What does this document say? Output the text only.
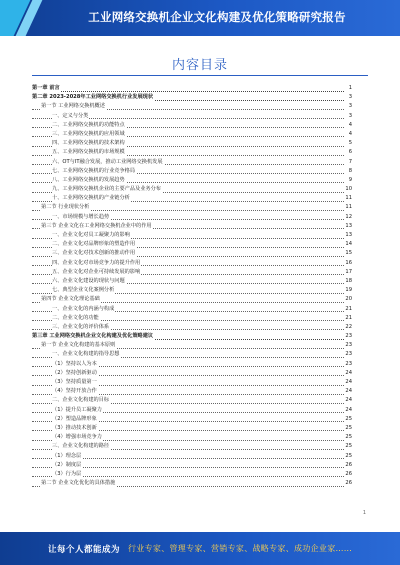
工业网络交换机企业文化构建及优化策略研究报告
内容目录
第一章 前言	1
第二章 2023-2028年工业网络交换机行业发展现状	3
第一节 工业网络交换机概述	3
一、定义与分类	3
二、工业网络交换机的功能特点	4
三、工业网络交换机的应用领域	4
四、工业网络交换机的技术架构	5
五、工业网络交换机的市场规模	6
六、OT与IT融合发展，推动工业网络交换机发展	7
七、工业网络交换机的行业竞争格局	8
八、工业网络交换机的发展趋势	9
九、工业网络交换机企业的主要产品及业务分布	10
十、工业网络交换机的产业链分析	11
第二节 行业现状分析	11
一、市场规模与增长趋势	12
第三节 企业文化在工业网络交换机企业中的作用	13
一、企业文化对员工凝聚力的影响	13
二、企业文化对品牌形象的塑造作用	14
三、企业文化对技术创新的推动作用	15
四、企业文化对市场竞争力的提升作用	16
五、企业文化对企业可持续发展的影响	17
六、企业文化建设的现状与问题	18
七、典型企业文化案例分析	19
第四节 企业文化理论基础	20
一、企业文化的内涵与构成	21
二、企业文化的功能	21
三、企业文化的评价体系	22
第三章 工业网络交换机企业文化构建及优化策略建议	23
第一节 企业文化构建的基本原则	23
一、企业文化构建的指导思想	23
（1）坚持以人为本	23
（2）坚持创新驱动	24
（3）坚持质量第一	24
（4）坚持开放合作	24
二、企业文化构建的目标	24
（1）提升员工凝聚力	24
（2）塑造品牌形象	25
（3）推动技术创新	25
（4）增强市场竞争力	25
三、企业文化构建的路径	25
（1）理念层	25
（2）制度层	26
（3）行为层	26
第二节 企业文化优化的具体措施	26
1
让每个人都能成为 行业专家、管理专家、营销专家、战略专家、成功企业家……
